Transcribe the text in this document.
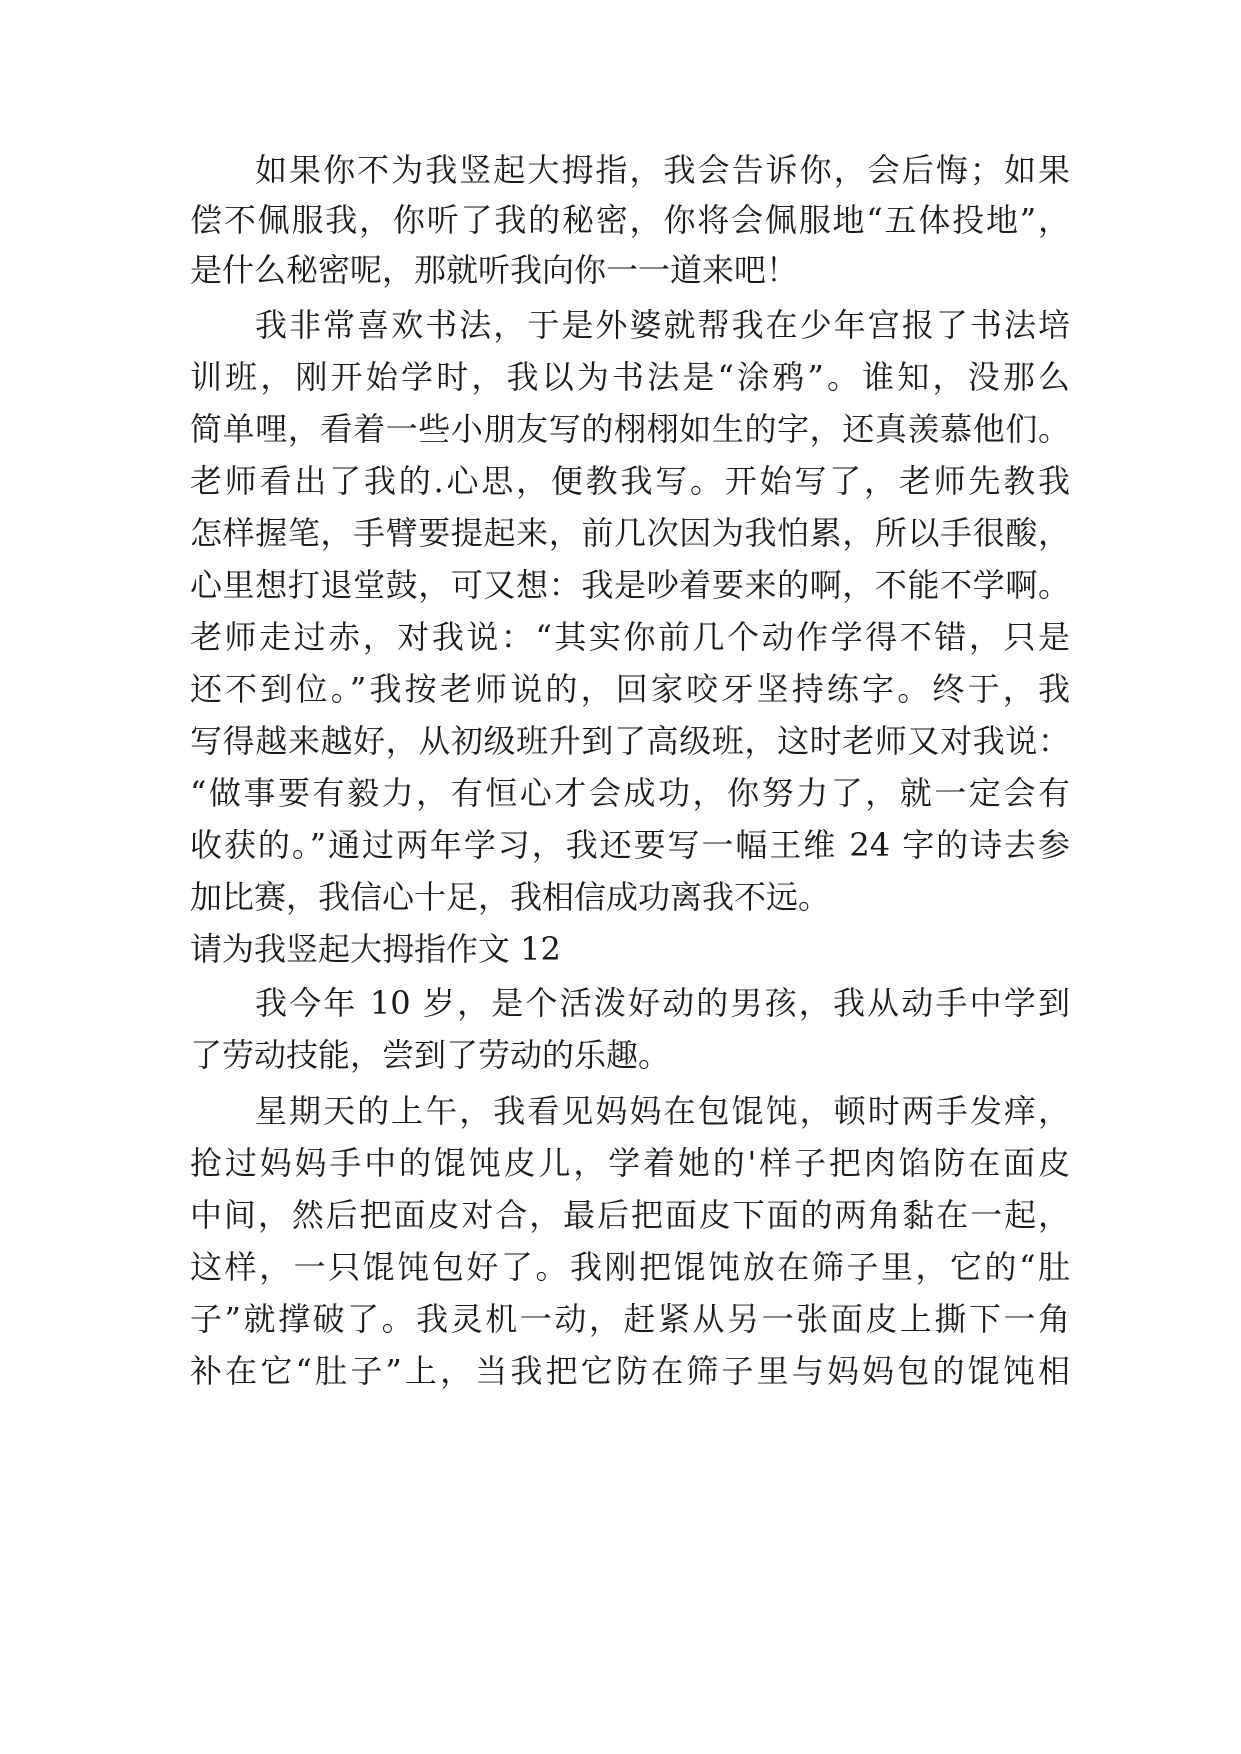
如果你不为我竖起大拇指，我会告诉你，会后悔；如果
偿不佩服我，你听了我的秘密，你将会佩服地“五体投地”，
是什么秘密呢，那就听我向你一一道来吧！
我非常喜欢书法，于是外婆就帮我在少年宫报了书法培
训班，刚开始学时，我以为书法是“涂鸦”。谁知，没那么
简单哩，看着一些小朋友写的栩栩如生的字，还真羡慕他们。
老师看出了我的.心思，便教我写。开始写了，老师先教我
怎样握笔，手臂要提起来，前几次因为我怕累，所以手很酸，
心里想打退堂鼓，可又想：我是吵着要来的啊，不能不学啊。
老师走过赤，对我说：“其实你前几个动作学得不错，只是
还不到位。”我按老师说的，回家咬牙坚持练字。终于，我
写得越来越好，从初级班升到了高级班，这时老师又对我说：
“做事要有毅力，有恒心才会成功，你努力了，就一定会有
收获的。”通过两年学习，我还要写一幅王维 24 字的诗去参
加比赛，我信心十足，我相信成功离我不远。
请为我竖起大拇指作文 12
我今年 10 岁，是个活泼好动的男孩，我从动手中学到
了劳动技能，尝到了劳动的乐趣。
星期天的上午，我看见妈妈在包馄饨，顿时两手发痒，
抢过妈妈手中的馄饨皮儿，学着她的'样子把肉馅防在面皮
中间，然后把面皮对合，最后把面皮下面的两角黏在一起，
这样，一只馄饨包好了。我刚把馄饨放在筛子里，它的“肚
子”就撑破了。我灵机一动，赶紧从另一张面皮上撕下一角
补在它“肚子”上，当我把它防在筛子里与妈妈包的馄饨相
